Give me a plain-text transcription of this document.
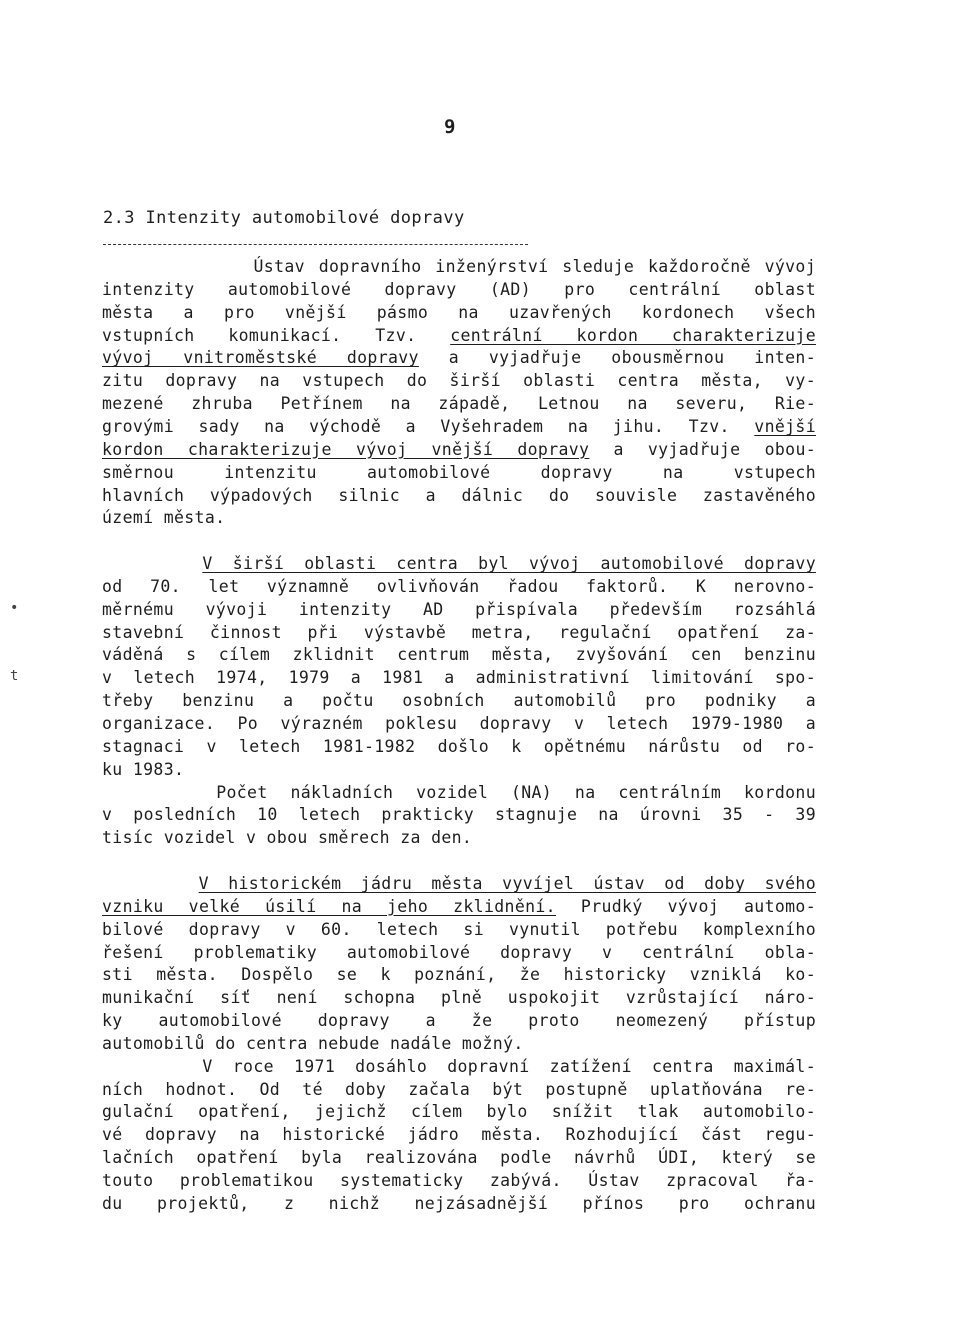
9
2.3 Intenzity automobilové dopravy
•
t
Ústav dopravního inženýrství sleduje každoročně vývoj
intenzity automobilové dopravy (AD) pro centrální oblast
města a pro vnější pásmo na uzavřených kordonech všech
vstupních komunikací. Tzv. centrální kordon charakterizuje
vývoj vnitroměstské dopravy a vyjadřuje obousměrnou inten-
zitu dopravy na vstupech do širší oblasti centra města, vy-
mezené zhruba Petřínem na západě, Letnou na severu, Rie-
grovými sady na východě a Vyšehradem na jihu. Tzv. vnější
kordon charakterizuje vývoj vnější dopravy a vyjadřuje obou-
směrnou intenzitu automobilové dopravy na vstupech
hlavních výpadových silnic a dálnic do souvisle zastavěného
území města.
V širší oblasti centra byl vývoj automobilové dopravy
od 70. let významně ovlivňován řadou faktorů. K nerovno-
měrnému vývoji intenzity AD přispívala především rozsáhlá
stavební činnost při výstavbě metra, regulační opatření za-
váděná s cílem zklidnit centrum města, zvyšování cen benzinu
v letech 1974, 1979 a 1981 a administrativní limitování spo-
třeby benzinu a počtu osobních automobilů pro podniky a
organizace. Po výrazném poklesu dopravy v letech 1979-1980 a
stagnaci v letech 1981-1982 došlo k opětnému nárůstu od ro-
ku 1983.
Počet nákladních vozidel (NA) na centrálním kordonu
v posledních 10 letech prakticky stagnuje na úrovni 35 - 39
tisíc vozidel v obou směrech za den.
V historickém jádru města vyvíjel ústav od doby svého
vzniku velké úsilí na jeho zklidnění. Prudký vývoj automo-
bilové dopravy v 60. letech si vynutil potřebu komplexního
řešení problematiky automobilové dopravy v centrální obla-
sti města. Dospělo se k poznání, že historicky vzniklá ko-
munikační síť není schopna plně uspokojit vzrůstající náro-
ky automobilové dopravy a že proto neomezený přístup
automobilů do centra nebude nadále možný.
V roce 1971 dosáhlo dopravní zatížení centra maximál-
ních hodnot. Od té doby začala být postupně uplatňována re-
gulační opatření, jejichž cílem bylo snížit tlak automobilo-
vé dopravy na historické jádro města. Rozhodující část regu-
lačních opatření byla realizována podle návrhů ÚDI, který se
touto problematikou systematicky zabývá. Ústav zpracoval řa-
du projektů, z nichž nejzásadnější přínos pro ochranu
